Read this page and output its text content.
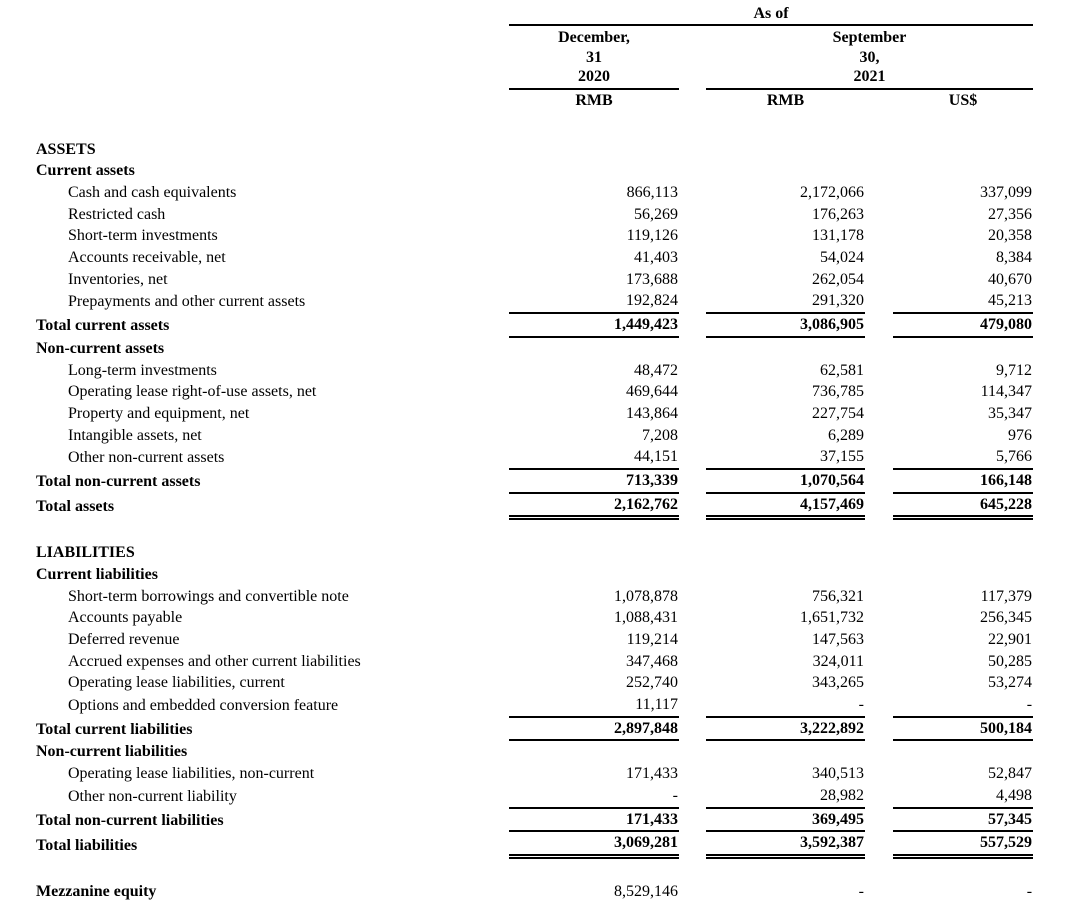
	As of				

December,
31
2020

September
30,
2021

	RMB		RMB		US$

ASSETS					
Current assets					
Cash and cash equivalents	866,113		2,172,066		337,099
Restricted cash	56,269		176,263		27,356
Short-term investments	119,126		131,178		20,358
Accounts receivable, net	41,403		54,024		8,384
Inventories, net	173,688		262,054		40,670
Prepayments and other current assets	192,824		291,320		45,213
Total current assets	1,449,423		3,086,905		479,080
Non-current assets					
Long-term investments	48,472		62,581		9,712
Operating lease right-of-use assets, net	469,644		736,785		114,347
Property and equipment, net	143,864		227,754		35,347
Intangible assets, net	7,208		6,289		976
Other non-current assets	44,151		37,155		5,766
Total non-current assets	713,339		1,070,564		166,148
Total assets	2,162,762		4,157,469		645,228

LIABILITIES					
Current liabilities					
Short-term borrowings and convertible note	1,078,878		756,321		117,379
Accounts payable	1,088,431		1,651,732		256,345
Deferred revenue	119,214		147,563		22,901
Accrued expenses and other current liabilities	347,468		324,011		50,285
Operating lease liabilities, current	252,740		343,265		53,274
Options and embedded conversion feature	11,117		-		-
Total current liabilities	2,897,848		3,222,892		500,184
Non-current liabilities					
Operating lease liabilities, non-current	171,433		340,513		52,847
Other non-current liability	-		28,982		4,498
Total non-current liabilities	171,433		369,495		57,345
Total liabilities	3,069,281		3,592,387		557,529

Mezzanine equity	8,529,146		-		-
